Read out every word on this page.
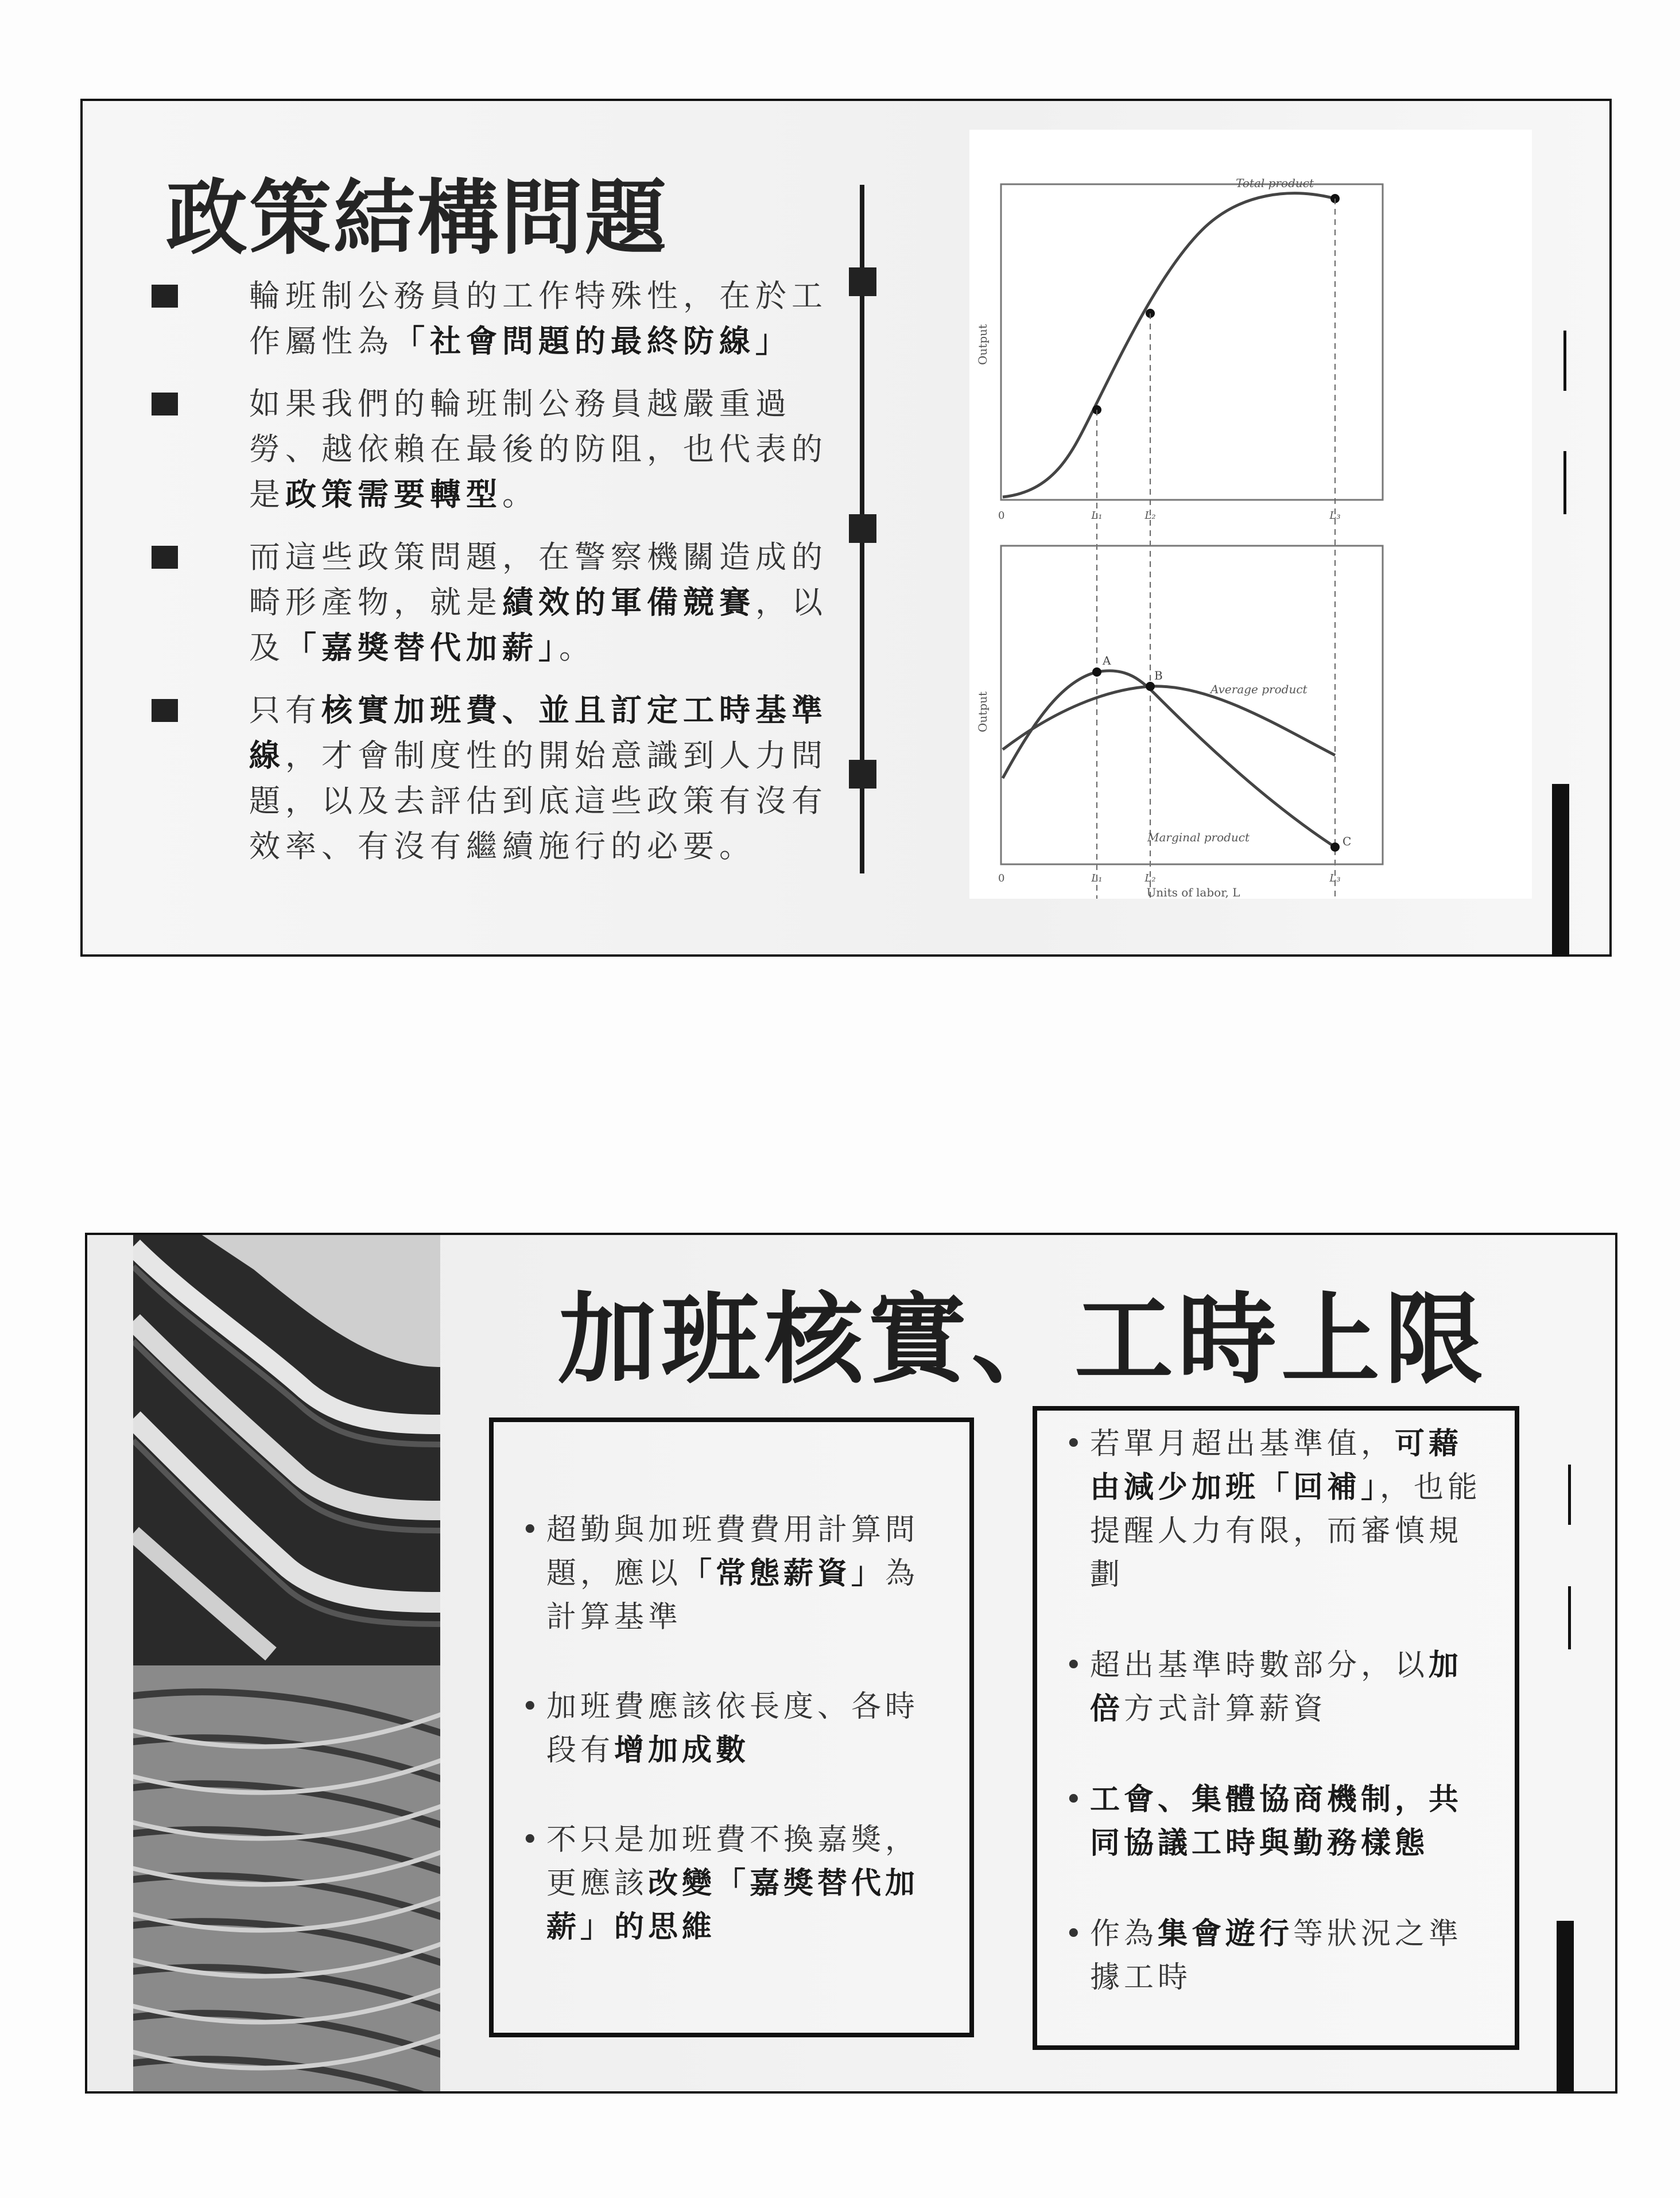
政策結構問題
輪班制公務員的工作特殊性，在於工作屬性為「社會問題的最終防線」
如果我們的輪班制公務員越嚴重過勞、越依賴在最後的防阻，也代表的是政策需要轉型。
而這些政策問題，在警察機關造成的畸形產物，就是績效的軍備競賽，以及「嘉獎替代加薪」。
只有核實加班費、並且訂定工時基準線，才會制度性的開始意識到人力問題，以及去評估到底這些政策有沒有效率、有沒有繼續施行的必要。
Total product
Output
0	L₁	L₂	L₃
A
B
C
Average product
Marginal product
Output
0	L₁	L₂	L₃
Units of labor, L
加班核實、工時上限
• 超勤與加班費費用計算問題，應以「常態薪資」為計算基準
• 加班費應該依長度、各時段有增加成數
• 不只是加班費不換嘉獎，更應該改變「嘉獎替代加薪」的思維
• 若單月超出基準值，可藉由減少加班「回補」，也能提醒人力有限，而審慎規劃
• 超出基準時數部分，以加倍方式計算薪資
• 工會、集體協商機制，共同協議工時與勤務樣態
• 作為集會遊行等狀況之準據工時
